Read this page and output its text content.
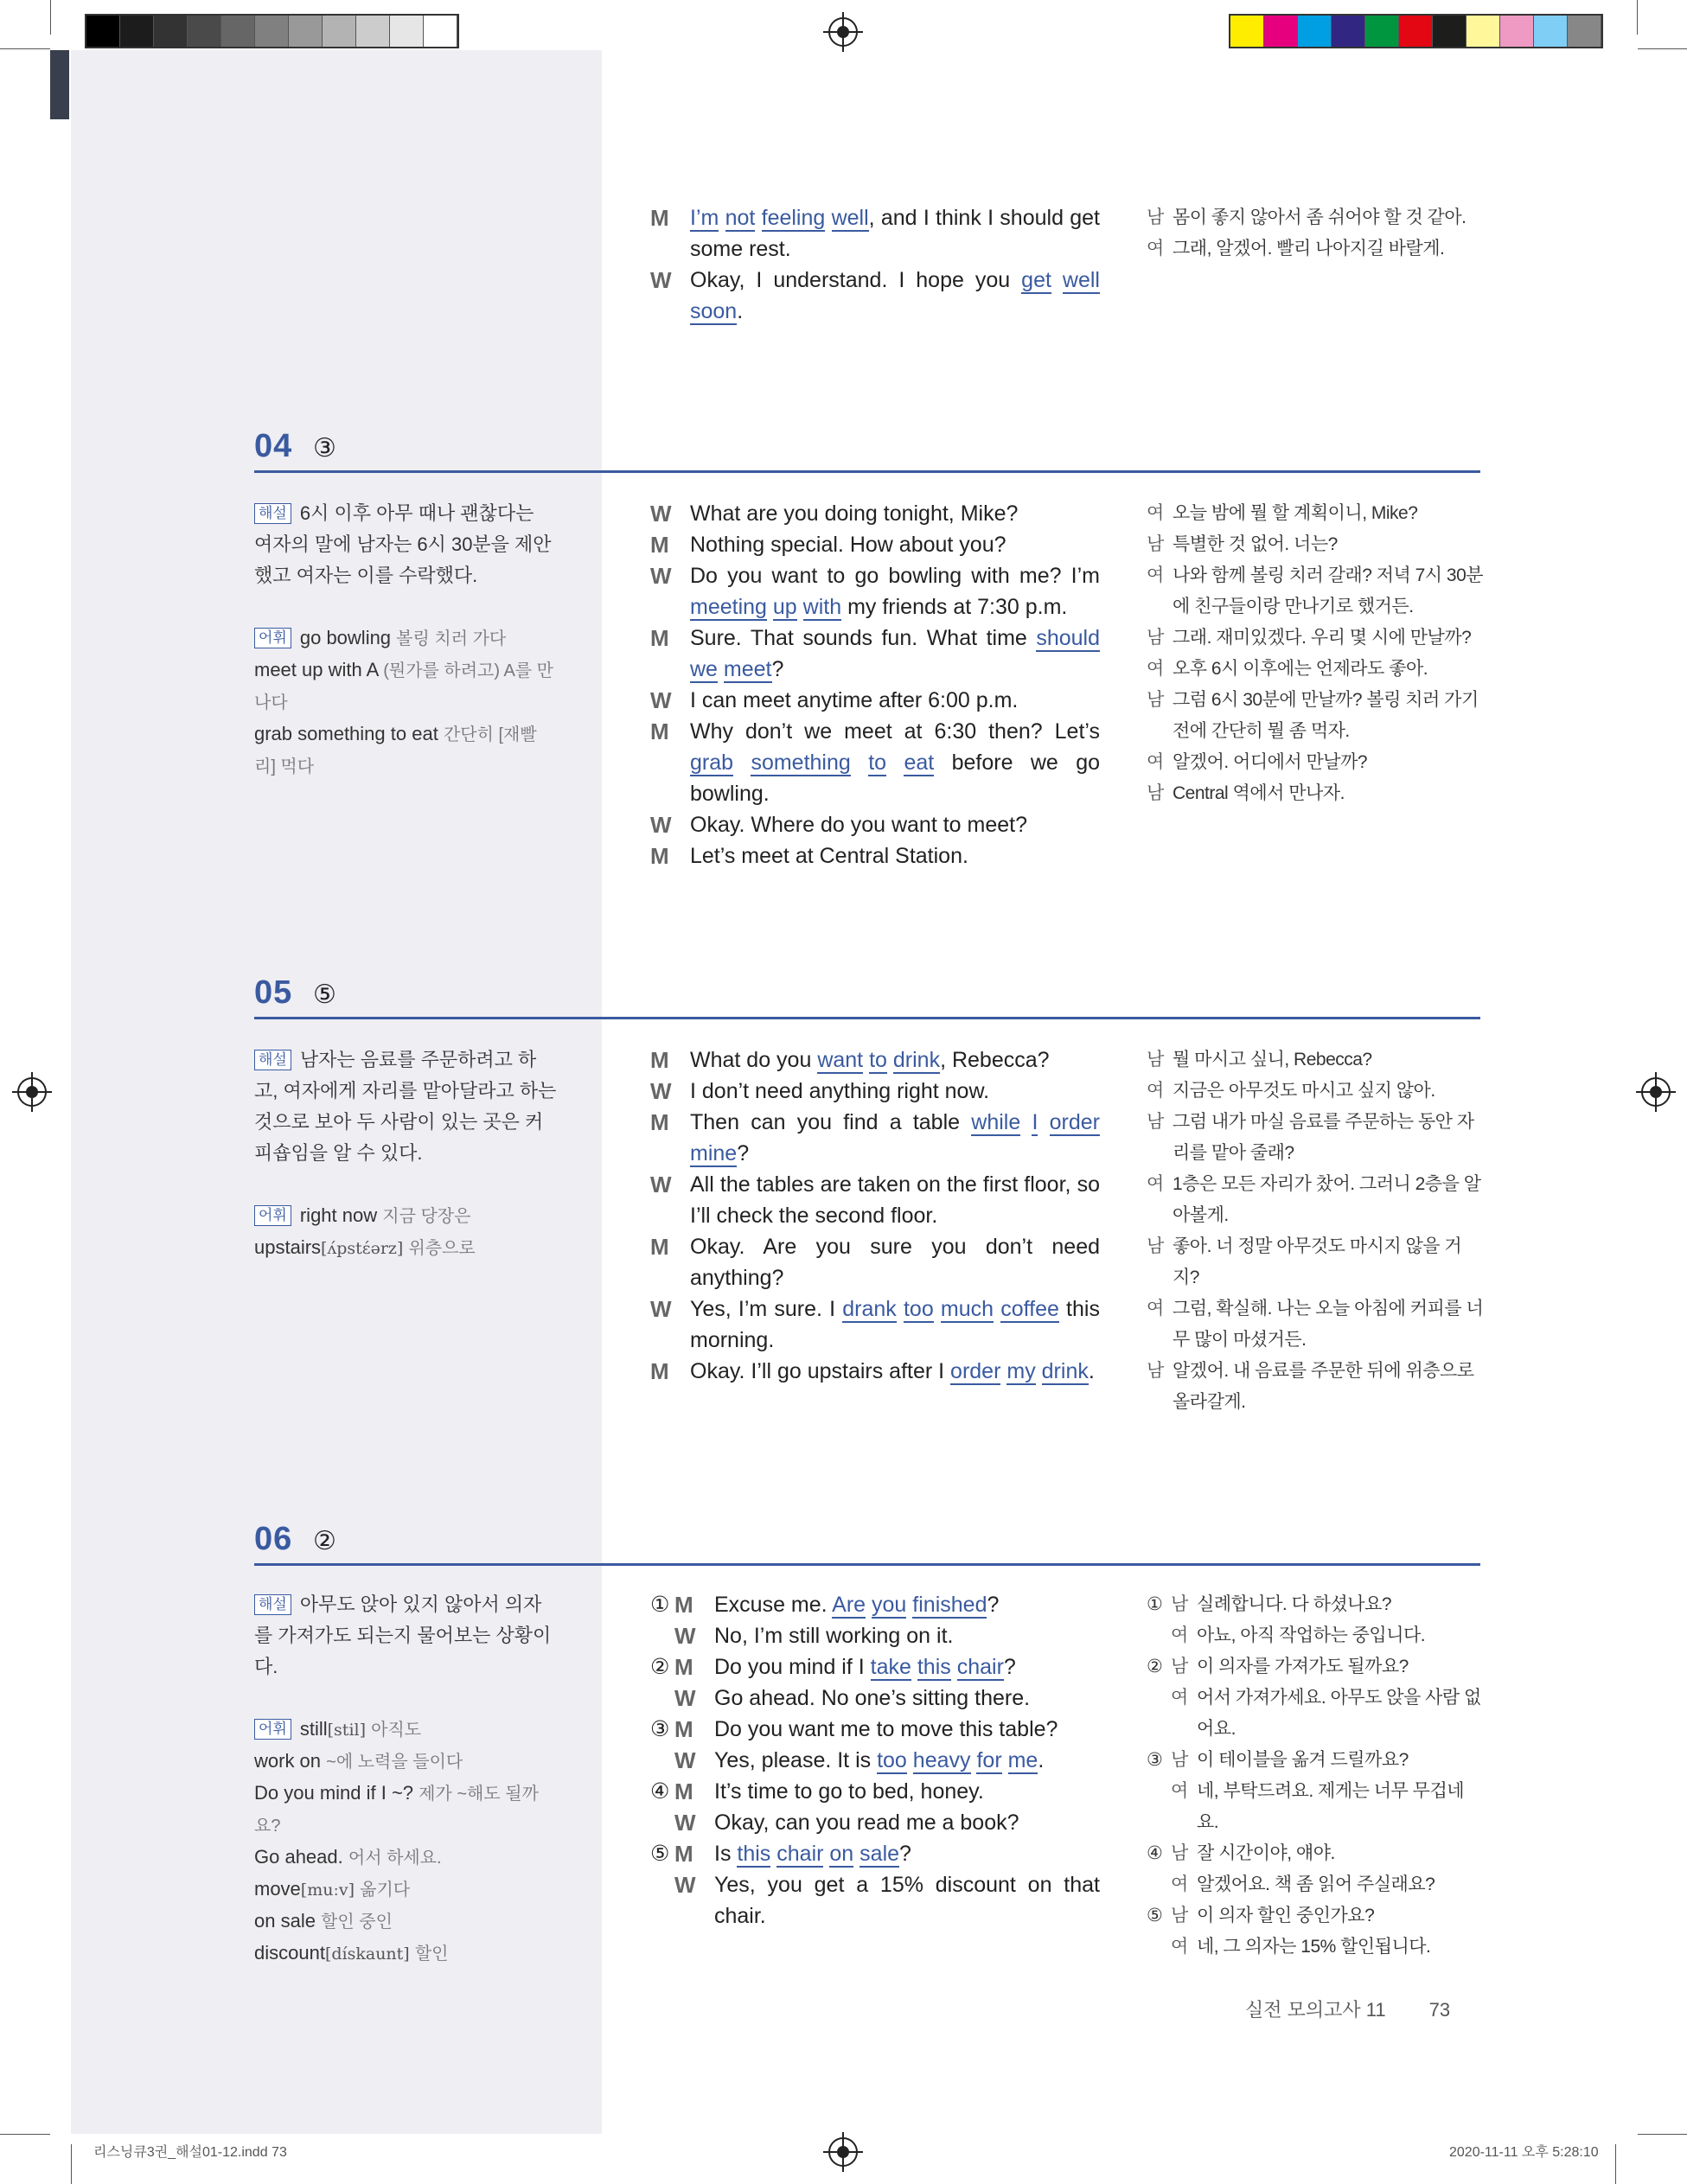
M I’m not feeling well, and I think I should get some rest.
W Okay, I understand. I hope you get well soon.
남 몸이 좋지 않아서 좀 쉬어야 할 것 같아.
여 그래, 알겠어. 빨리 나아지길 바랄게.
04 ③
해설 6시 이후 아무 때나 괜찮다는 여자의 말에 남자는 6시 30분을 제안했고 여자는 이를 수락했다.
어휘 go bowling 볼링 치러 가다
meet up with A (뭔가를 하려고) A를 만나다
grab something to eat 간단히 [재빨리] 먹다
W What are you doing tonight, Mike?
M Nothing special. How about you?
W Do you want to go bowling with me? I’m meeting up with my friends at 7:30 p.m.
M Sure. That sounds fun. What time should we meet?
W I can meet anytime after 6:00 p.m.
M Why don’t we meet at 6:30 then? Let’s grab something to eat before we go bowling.
W Okay. Where do you want to meet?
M Let’s meet at Central Station.
여 오늘 밤에 뭘 할 계획이니, Mike?
남 특별한 것 없어. 너는?
여 나와 함께 볼링 치러 갈래? 저녁 7시 30분에 친구들이랑 만나기로 했거든.
남 그래. 재미있겠다. 우리 몇 시에 만날까?
여 오후 6시 이후에는 언제라도 좋아.
남 그럼 6시 30분에 만날까? 볼링 치러 가기 전에 간단히 뭘 좀 먹자.
여 알겠어. 어디에서 만날까?
남 Central 역에서 만나자.
05 ⑤
해설 남자는 음료를 주문하려고 하고, 여자에게 자리를 맡아달라고 하는 것으로 보아 두 사람이 있는 곳은 커피숍임을 알 수 있다.
어휘 right now 지금 당장은
upstairs[ʌ́pstέərz] 위층으로
M What do you want to drink, Rebecca?
W I don’t need anything right now.
M Then can you find a table while I order mine?
W All the tables are taken on the first floor, so I’ll check the second floor.
M Okay. Are you sure you don’t need anything?
W Yes, I’m sure. I drank too much coffee this morning.
M Okay. I’ll go upstairs after I order my drink.
남 뭘 마시고 싶니, Rebecca?
여 지금은 아무것도 마시고 싶지 않아.
남 그럼 내가 마실 음료를 주문하는 동안 자리를 맡아 줄래?
여 1층은 모든 자리가 찼어. 그러니 2층을 알아볼게.
남 좋아. 너 정말 아무것도 마시지 않을 거지?
여 그럼, 확실해. 나는 오늘 아침에 커피를 너무 많이 마셨거든.
남 알겠어. 내 음료를 주문한 뒤에 위층으로 올라갈게.
06 ②
해설 아무도 앉아 있지 않아서 의자를 가져가도 되는지 물어보는 상황이다.
어휘 still[stil] 아직도
work on ~에 노력을 들이다
Do you mind if I ~? 제가 ~해도 될까요?
Go ahead. 어서 하세요.
move[muːv] 옮기다
on sale 할인 중인
discount[dískaunt] 할인
① M Excuse me. Are you finished?
W No, I’m still working on it.
② M Do you mind if I take this chair?
W Go ahead. No one’s sitting there.
③ M Do you want me to move this table?
W Yes, please. It is too heavy for me.
④ M It’s time to go to bed, honey.
W Okay, can you read me a book?
⑤ M Is this chair on sale?
W Yes, you get a 15% discount on that chair.
① 남 실례합니다. 다 하셨나요?
여 아뇨, 아직 작업하는 중입니다.
② 남 이 의자를 가져가도 될까요?
여 어서 가져가세요. 아무도 앉을 사람 없어요.
③ 남 이 테이블을 옮겨 드릴까요?
여 네, 부탁드려요. 제게는 너무 무겁네요.
④ 남 잘 시간이야, 얘야.
여 알겠어요. 책 좀 읽어 주실래요?
⑤ 남 이 의자 할인 중인가요?
여 네, 그 의자는 15% 할인됩니다.
실전 모의고사 11 73
리스닝큐3권_해설01-12.indd 73	2020-11-11 오후 5:28:10
